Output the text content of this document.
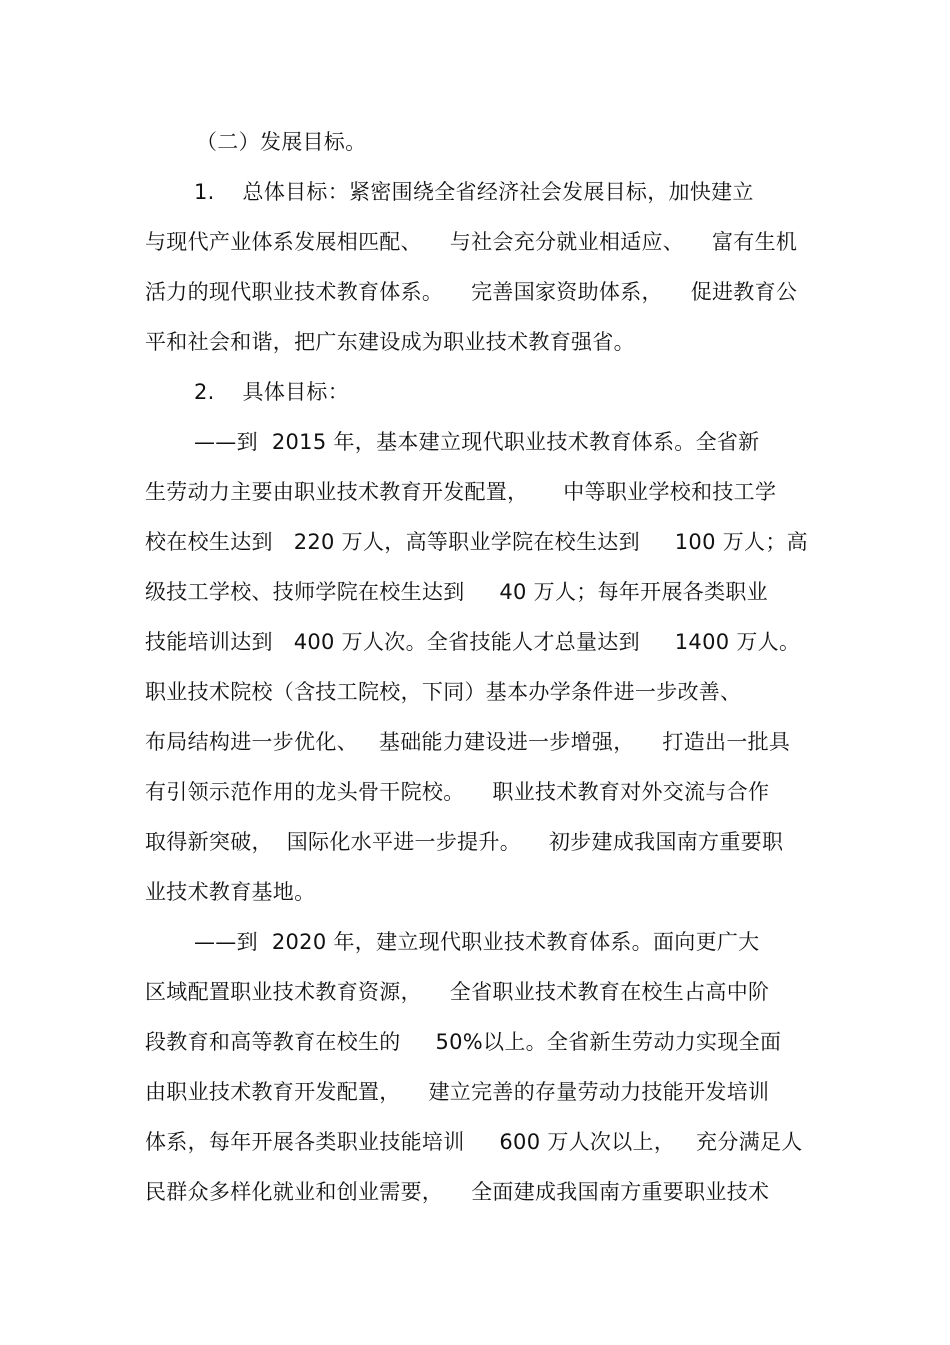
（二）发展目标。
1.    总体目标：紧密围绕全省经济社会发展目标，加快建立
与现代产业体系发展相匹配、    与社会充分就业相适应、    富有生机
活力的现代职业技术教育体系。    完善国家资助体系，    促进教育公
平和社会和谐，把广东建设成为职业技术教育强省。
2.    具体目标：
——到  2015 年，基本建立现代职业技术教育体系。全省新
生劳动力主要由职业技术教育开发配置，     中等职业学校和技工学
校在校生达到   220 万人，高等职业学院在校生达到     100 万人；高
级技工学校、技师学院在校生达到     40 万人；每年开展各类职业
技能培训达到   400 万人次。全省技能人才总量达到     1400 万人。
职业技术院校（含技工院校，下同）基本办学条件进一步改善、
布局结构进一步优化、   基础能力建设进一步增强，    打造出一批具
有引领示范作用的龙头骨干院校。    职业技术教育对外交流与合作
取得新突破，  国际化水平进一步提升。    初步建成我国南方重要职
业技术教育基地。
——到  2020 年，建立现代职业技术教育体系。面向更广大
区域配置职业技术教育资源，    全省职业技术教育在校生占高中阶
段教育和高等教育在校生的     50%以上。全省新生劳动力实现全面
由职业技术教育开发配置，    建立完善的存量劳动力技能开发培训
体系，每年开展各类职业技能培训     600 万人次以上，   充分满足人
民群众多样化就业和创业需要，    全面建成我国南方重要职业技术
